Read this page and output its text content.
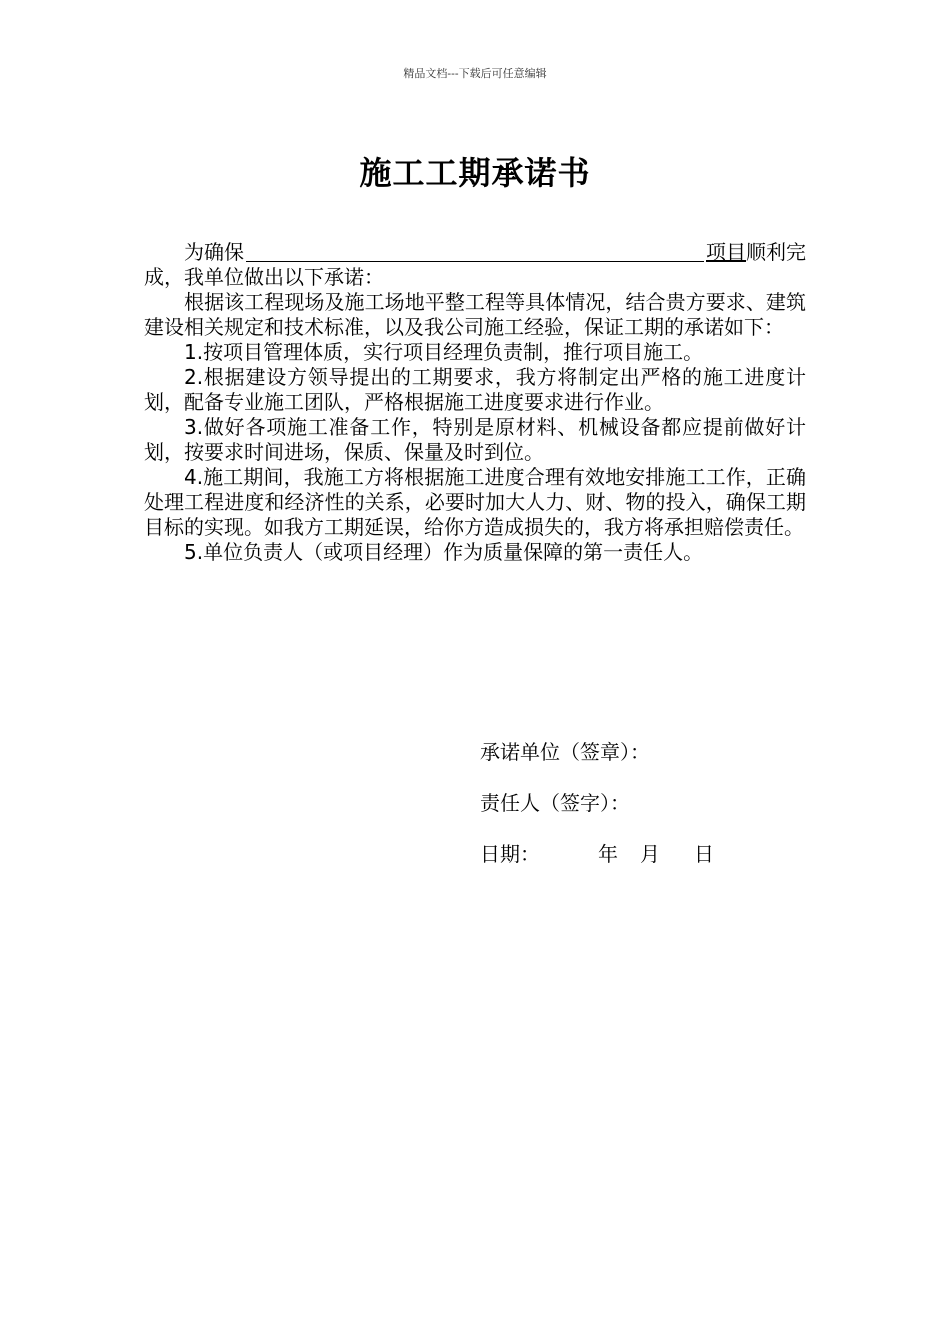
精品文档---下载后可任意编辑
施工工期承诺书
为确保	项目 顺利完

成，我单位做出以下承诺：

根据该工程现场及施工场地平整工程等具体情况，结合贵方要求、建筑建设相关规定和技术标准，以及我公司施工经验，保证工期的承诺如下：

1.按项目管理体质，实行项目经理负责制，推行项目施工。

2.根据建设方领导提出的工期要求，我方将制定出严格的施工进度计划，配备专业施工团队，严格根据施工进度要求进行作业。

3.做好各项施工准备工作，特别是原材料、机械设备都应提前做好计划，按要求时间进场，保质、保量及时到位。

4.施工期间，我施工方将根据施工进度合理有效地安排施工工作，正确处理工程进度和经济性的关系，必要时加大人力、财、物的投入，确保工期目标的实现。如我方工期延误，给你方造成损失的，我方将承担赔偿责任。

5.单位负责人（或项目经理）作为质量保障的第一责任人。

承诺单位（签章）：
责任人（签字）：
日期：	年 月 日
